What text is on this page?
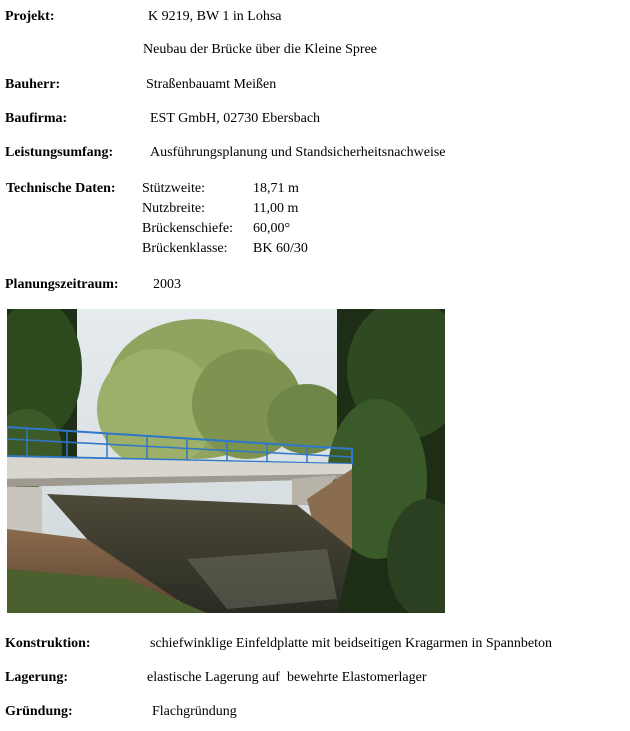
Projekt:	K 9219, BW 1 in Lohsa
Neubau der Brücke über die Kleine Spree
Bauherr:	Straßenbauamt Meißen
Baufirma:	EST GmbH, 02730 Ebersbach
Leistungsumfang:	Ausführungsplanung und Standsicherheitsnachweise
Technische Daten: Stützweite:	18,71 m
Nutzbreite:	11,00 m
Brückenschiefe: 60,00°
Brückenklasse: BK 60/30
Planungszeitraum: 2003
Konstruktion:	schiefwinklige Einfeldplatte mit beidseitigen Kragarmen in Spannbeton
Lagerung:	elastische Lagerung auf  bewehrte Elastomerlager
Gründung:	Flachgründung
